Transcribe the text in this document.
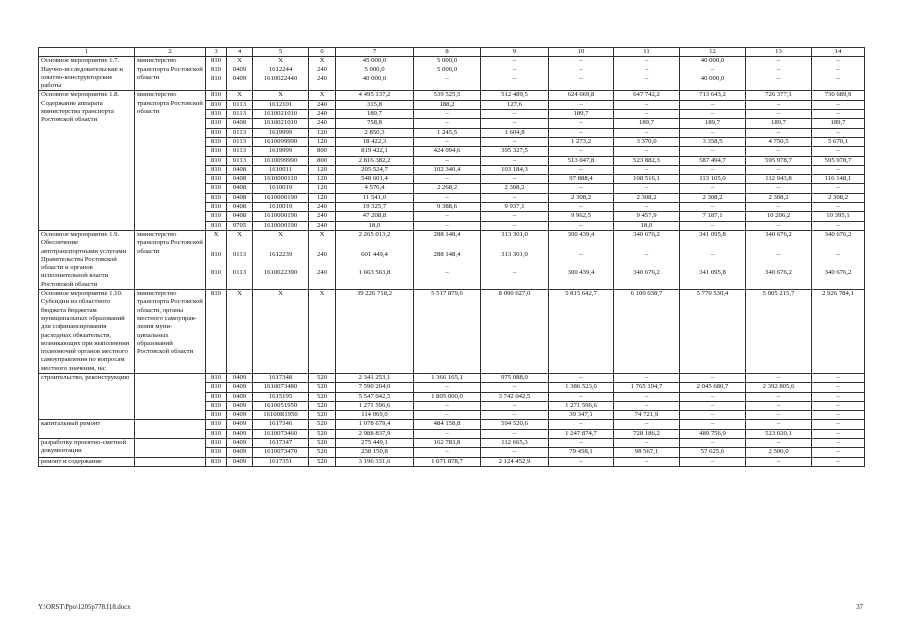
1	2	3	4	5	6	7	8	9	10	11	12	13	14
Основное мероприятие 1.7. Научно-исследовательские и опытно-конструкторские работы	министерство транспорта Ростовской области	810	X	X	X	45 000,0	5 000,0	–	–	–	40 000,0	–	–
		810	0409	1612244	240	5 000,0	5 000,0	–	–	–	–	–	–
		810	0409	1610022440	240	40 000,0	–	–	–	–	40 000,0	–	–

Основное мероприятие 1.8. Содержание аппарата министерства транспорта Ростовской области	министерство транспорта Ростовской области	810	X	X	X	4 495 137,2	539 525,5	512 489,5	624 669,8	647 742,2	713 643,2	726 377,1	730 689,9
		810	0113	1612101	240	315,8	188,2	127,6	–	–	–	–	–
		810	0113	1610021010	240	189,7	–	–	189,7	–	–	–	–
		810	0408	1610021010	240	758,8	–	–	–	189,7	189,7	189,7	189,7
		810	0113	1619999	120	2 850,3	1 245,5	1 604,8	–	–	–	–	–
		810	0113	1610099990	120	18 422,3	–	–	1 273,2	3 370,0	3 358,5	4 750,5	5 670,1
		810	0113	1619999	800	819 422,1	424 094,6	395 327,5	–	–	–	–	–
		810	0113	1610099990	800	2 816 382,2	–	–	513 047,8	523 882,3	587 494,7	595 978,7	595 978,7
		810	0408	1610011	120	205 524,7	102 340,4	103 184,3	–	–	–	–	–
		810	0408	1610000110	120	548 601,4	–	–	97 888,4	108 516,1	113 105,0	112 943,8	116 148,1
		810	0408	1610019	120	4 576,4	2 268,2	2 308,2	–	–	–	–	–
		810	0408	1610000190	120	11 541,0	–	–	2 308,2	2 308,2	2 308,2	2 308,2	2 308,2
		810	0408	1610019	240	19 325,7	9 388,6	9 937,1	–	–	–	–	–
		810	0408	1610000190	240	47 208,8	–	–	9 962,5	9 457,9	7 187,1	10 206,2	10 395,1
		810	0705	1610000190	240	18,0	–	–	–	18,0	–	–	–
Основное мероприятие 1.9. Обеспечение автотранспортными услугами Правительства Ростовской области и органов исполнительной власти Ростовской области	министерство транспорта Ростовской области	X	X	X	X	2 265 013,2	288 148,4	313 301,0	300 439,4	340 676,2	341 095,8	340 676,2	340 676,2
		810	0113	1612239	240	601 449,4	288 148,4	313 301,0	–	–	–	–	–
		810	0113	1610022390	240	1 663 563,8	–	–	300 439,4	340 676,2	341 095,8	340 676,2	340 676,2

Основное мероприятие 1.10. Субсидии из областного бюджета бюджетам муниципальных образований для софинансирования расходных обязательств, возникающих при выполнении полномочий органов местного самоуправления по вопросам местного значения, на:	министерство транспорта Ростовской области, органы местного самоуправ-ления муни-ципальных образований Ростовской области	810	X	X	X	39 226 718,2	5 517 879,6	8 090 627,0	5 815 642,7	6 100 038,7	5 770 530,4	5 005 215,7	2 926 784,1

строительство, реконструкцию		810	0409	1617348	520	2 341 253,1	1 366 165,1	975 088,0	–	–	–	–	–
		810	0409	1610073480	520	7 590 204,0	–	–	1 386 523,0	1 765 194,7	2 045 680,7	2 392 805,6	–
		810	0409	1615195	520	5 547 042,5	1 805 000,0	3 742 042,5	–	–	–	–	–
		810	0409	1610051950	520	1 271 596,6	–	–	1 271 596,6	–	–	–	–
		810	0409	16100R1950	520	114 069,0	–	–	39 347,1	74 721,9	–	–	–
капитальный ремонт		810	0409	1617346	520	1 078 679,4	484 158,8	594 520,6	–	–	–	–	–
		810	0409	1610073460	520	2 988 837,9	–	–	1 247 874,7	728 186,2	489 756,9	523 020,1	–
разработку проектно-сметной документации		810	0409	1617347	520	275 449,1	162 783,8	112 665,3	–	–	–	–	–
		810	0409	1610073470	520	238 150,8	–	–	79 458,1	98 567,1	57 625,6	2 500,0	–
ремонт и содержание		810	0409	1617351	520	3 196 331,6	1 071 878,7	2 124 452,9	–	–	–	–	–
Y:\ORST\Ppo\1205p778.f18.docx	37
